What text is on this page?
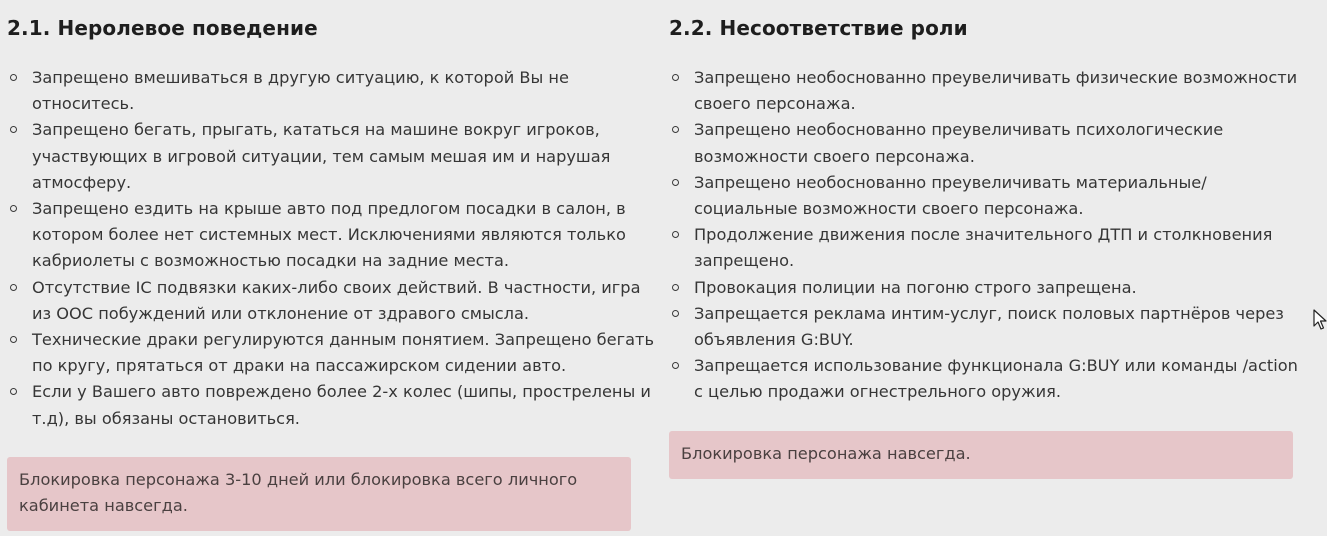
2.1. Неролевое поведение
Запрещено вмешиваться в другую ситуацию, к которой Вы не относитесь.
Запрещено бегать, прыгать, кататься на машине вокруг игроков, участвующих в игровой ситуации, тем самым мешая им и нарушая атмосферу.
Запрещено ездить на крыше авто под предлогом посадки в салон, в котором более нет системных мест. Исключениями являются только кабриолеты с возможностью посадки на задние места.
Отсутствие IC подвязки каких-либо своих действий. В частности, игра из OOC побуждений или отклонение от здравого смысла.
Технические драки регулируются данным понятием. Запрещено бегать по кругу, прятаться от драки на пассажирском сидении авто.
Если у Вашего авто повреждено более 2-х колес (шипы, прострелены и т.д), вы обязаны остановиться.
Блокировка персонажа 3-10 дней или блокировка всего личного кабинета навсегда.
2.2. Несоответствие роли
Запрещено необоснованно преувеличивать физические возможности своего персонажа.
Запрещено необоснованно преувеличивать психологические возможности своего персонажа.
Запрещено необоснованно преувеличивать материальные/ социальные возможности своего персонажа.
Продолжение движения после значительного ДТП и столкновения запрещено.
Провокация полиции на погоню строго запрещена.
Запрещается реклама интим-услуг, поиск половых партнёров через объявления G:BUY.
Запрещается использование функционала G:BUY или команды /action с целью продажи огнестрельного оружия.
Блокировка персонажа навсегда.
